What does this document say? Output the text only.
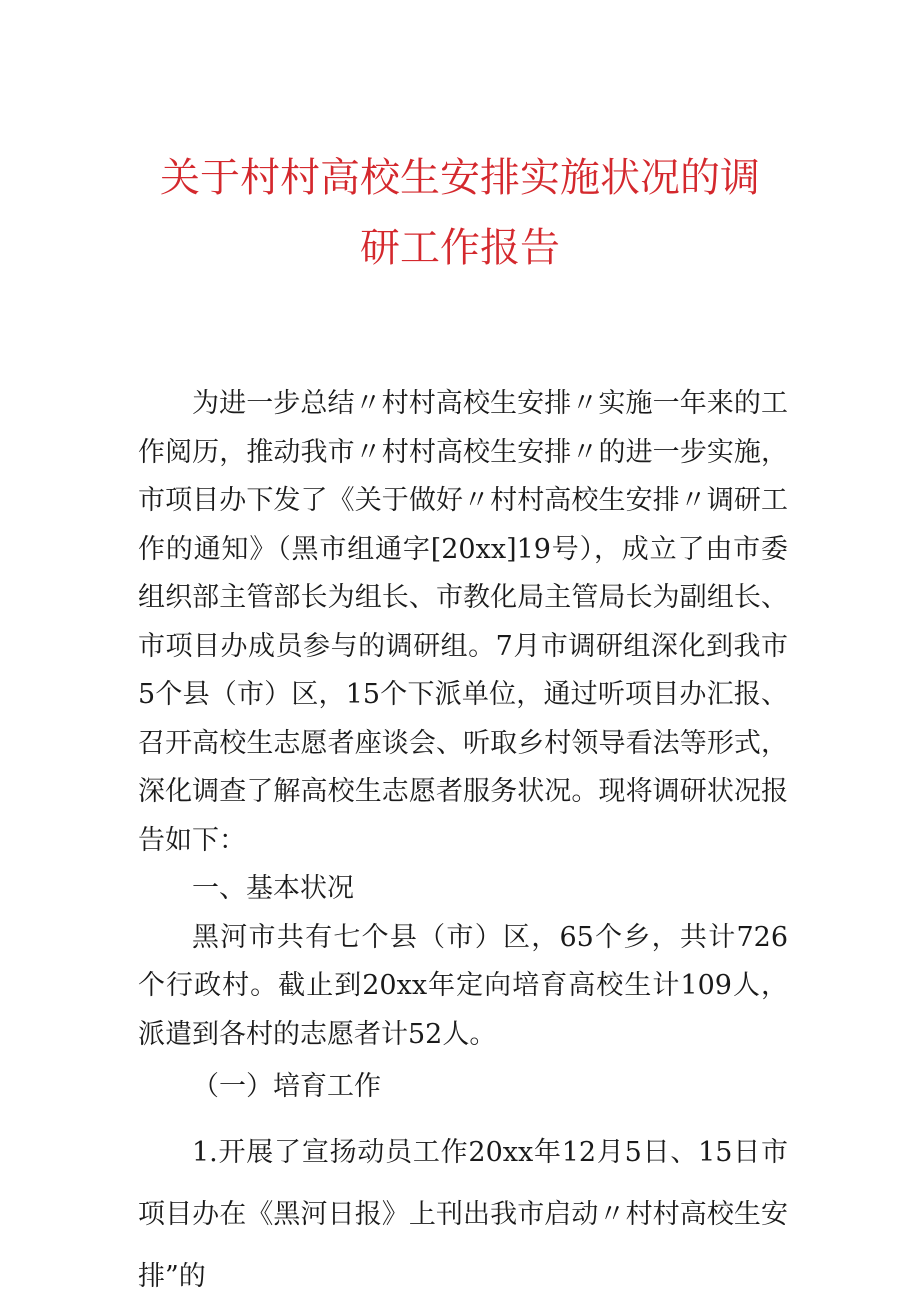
关于村村高校生安排实施状况的调
研工作报告

为进一步总结〃村村高校生安排〃实施一年来的工作阅历，推动我市〃村村高校生安排〃的进一步实施，市项目办下发了《关于做好〃村村高校生安排〃调研工作的通知》（黑市组通字[20xx]19号），成立了由市委组织部主管部长为组长、市教化局主管局长为副组长、市项目办成员参与的调研组。7月市调研组深化到我市5个县（市）区，15个下派单位，通过听项目办汇报、召开高校生志愿者座谈会、听取乡村领导看法等形式，深化调查了解高校生志愿者服务状况。现将调研状况报告如下：

一、基本状况

黑河市共有七个县（市）区，65个乡，共计726个行政村。截止到20xx年定向培育高校生计109人，派遣到各村的志愿者计52人。

（一）培育工作

1.开展了宣扬动员工作20xx年12月5日、15日市项目办在《黑河日报》上刊出我市启动〃村村高校生安排”的
